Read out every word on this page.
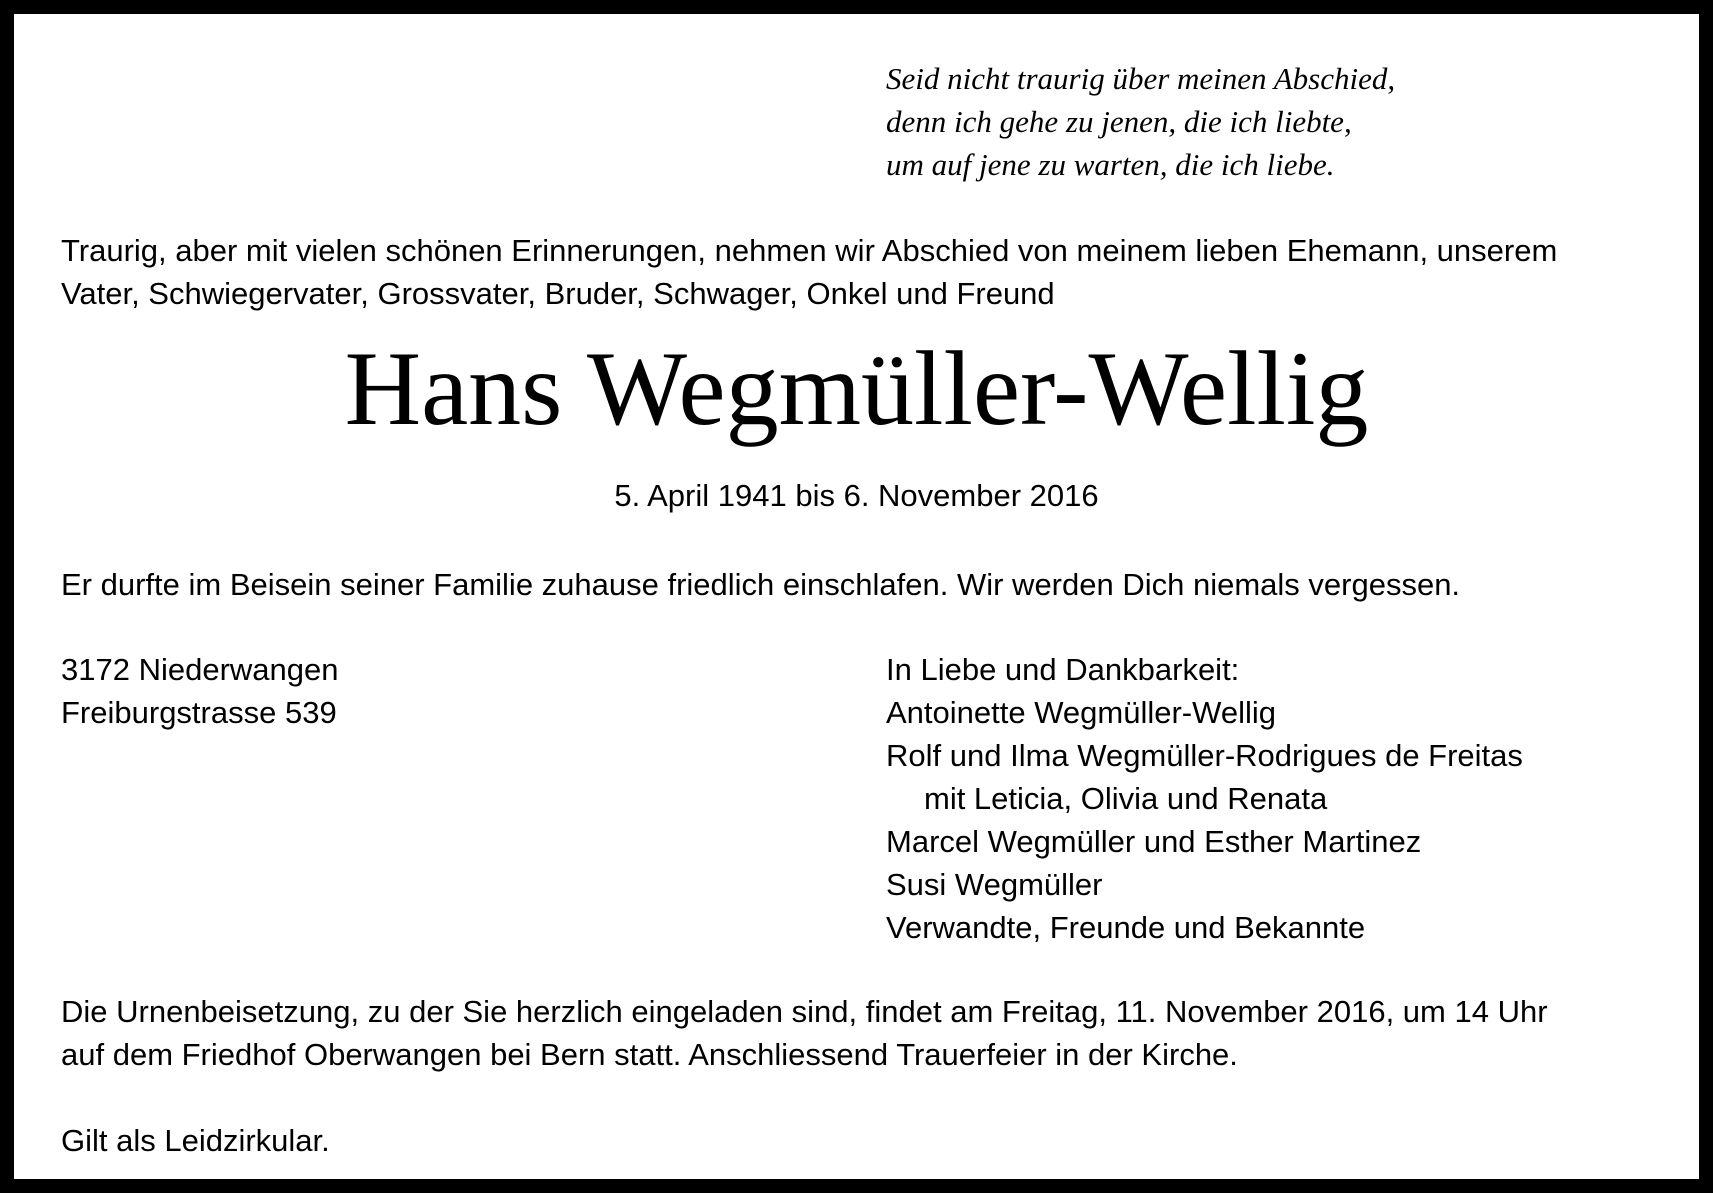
Seid nicht traurig über meinen Abschied,
denn ich gehe zu jenen, die ich liebte,
um auf jene zu warten, die ich liebe.
Traurig, aber mit vielen schönen Erinnerungen, nehmen wir Abschied von meinem lieben Ehemann, unserem
Vater, Schwiegervater, Grossvater, Bruder, Schwager, Onkel und Freund
Hans Wegmüller-Wellig
5. April 1941 bis 6. November 2016
Er durfte im Beisein seiner Familie zuhause friedlich einschlafen. Wir werden Dich niemals vergessen.
3172 Niederwangen
Freiburgstrasse 539
In Liebe und Dankbarkeit:
Antoinette Wegmüller-Wellig
Rolf und Ilma Wegmüller-Rodrigues de Freitas
mit Leticia, Olivia und Renata
Marcel Wegmüller und Esther Martinez
Susi Wegmüller
Verwandte, Freunde und Bekannte
Die Urnenbeisetzung, zu der Sie herzlich eingeladen sind, findet am Freitag, 11. November 2016, um 14 Uhr
auf dem Friedhof Oberwangen bei Bern statt. Anschliessend Trauerfeier in der Kirche.
Gilt als Leidzirkular.
